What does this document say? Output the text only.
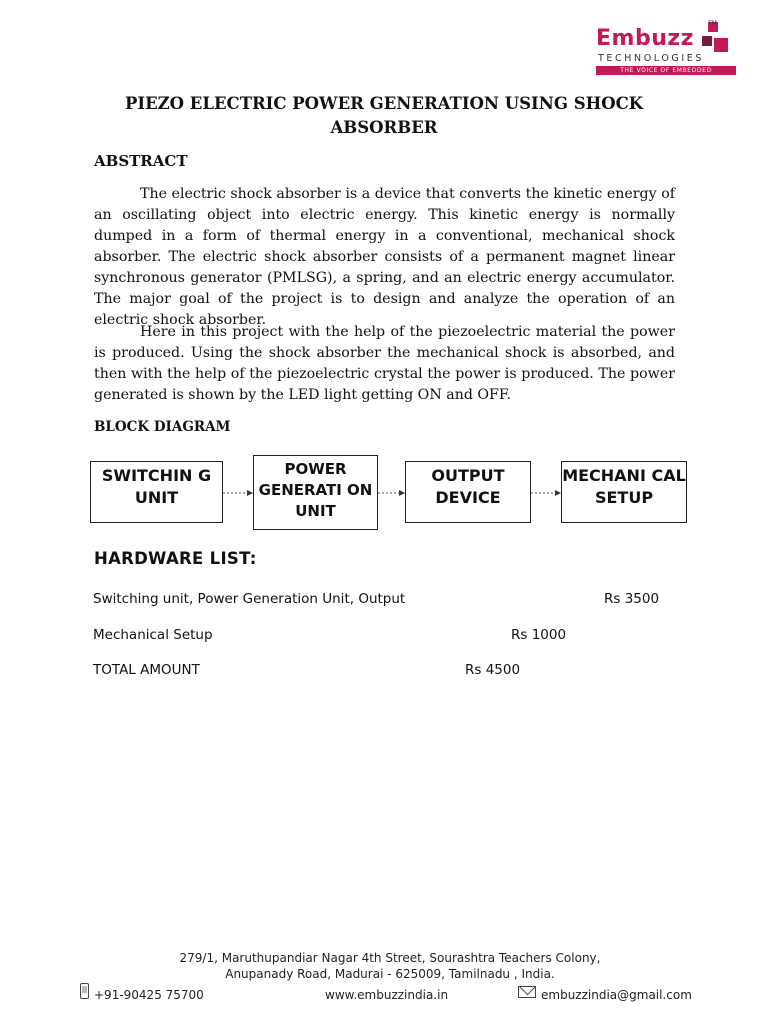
Embuzz
TM
TECHNOLOGIES
THE VOICE OF EMBEDDED
PIEZO ELECTRIC POWER GENERATION USING SHOCK ABSORBER
ABSTRACT

The electric shock absorber is a device that converts the kinetic energy of an oscillating object into electric energy. This kinetic energy is normally dumped in a form of thermal energy in a conventional, mechanical shock absorber. The electric shock absorber consists of a permanent magnet linear synchronous generator (PMLSG), a spring, and an electric energy accumulator. The major goal of the project is to design and analyze the operation of an electric shock absorber.

Here in this project with the help of the piezoelectric material the power is produced. Using the shock absorber the mechanical shock is absorbed, and then with the help of the piezoelectric crystal the power is produced. The power generated is shown by the LED light getting ON and OFF.

BLOCK DIAGRAM
SWITCHIN G UNIT
POWER GENERATI ON UNIT
OUTPUT DEVICE
MECHANI CAL SETUP
HARDWARE LIST:
Switching unit, Power Generation Unit, Output	Rs 3500
Mechanical Setup	Rs 1000
TOTAL AMOUNT	Rs 4500
279/1, Maruthupandiar Nagar 4th Street, Sourashtra Teachers Colony,
Anupanady Road, Madurai - 625009, Tamilnadu , India.
+91-90425 75700	www.embuzzindia.in	embuzzindia@gmail.com
